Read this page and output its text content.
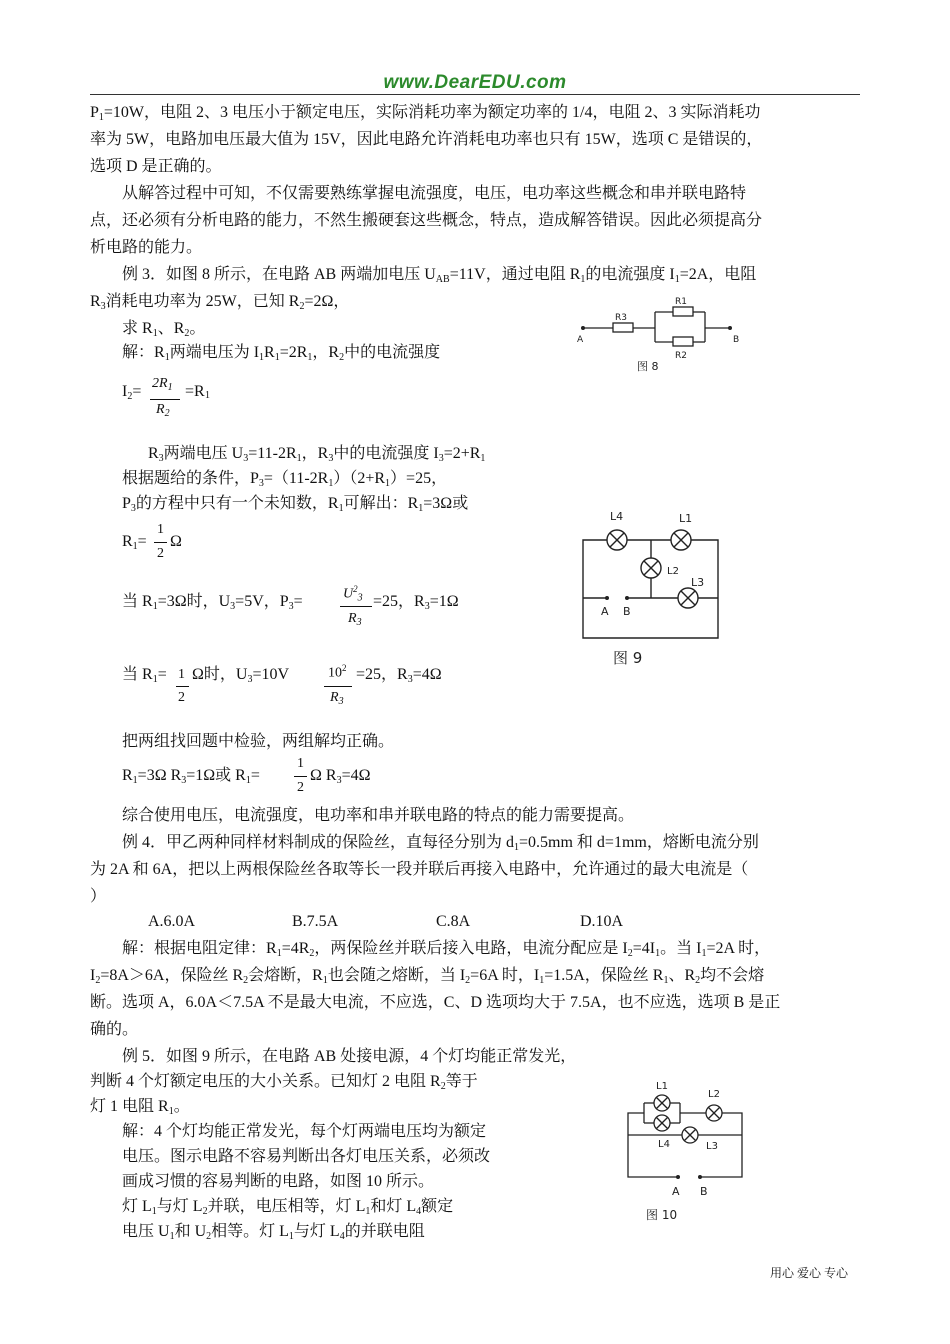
www.DearEDU.com
$P_1=10W$，电阻 2、3 电压小于额定电压，实际消耗功率为额定功率的 1/4，电阻 2、3 实际消耗功
率为 5W，电路加电压最大值为 15V，因此电路允许消耗电功率也只有 15W，选项 C 是错误的，
选项 D 是正确的。
从解答过程中可知，不仅需要熟练掌握电流强度，电压，电功率这些概念和串并联电路特
点，还必须有分析电路的能力，不然生搬硬套这些概念，特点，造成解答错误。因此必须提高分
析电路的能力。
例 3．如图 8 所示，在电路 AB 两端加电压 $U_{AB}=11V$，通过电阻 $R_1$的电流强度 $I_1=2A$，电阻
$R_3$消耗电功率为 25W，已知 $R_2=2\Omega$，
求 $R_1$、$R_2$。
解：$R_1$两端电压为 $I_1R_1=2R_1$，$R_2$中的电流强度
$I_2= 2R_1$
$R_2$
=R 1
$R_3$两端电压 $U_3=11-2R_1$，$R_3$中的电流强度 $I_3=2+R_1$
根据题给的条件，$P_3=(11-2R_1)(2+R_1)=25$，
$P_3$的方程中只有一个未知数，$R_1$可解出：$R_1=3\Omega$或
$R_1=$
1
2
Ω
当 $R_1=3\Omega$时，$U_3=5V$，$P_3=$	$U^2_3$
$R_3$
=25，$R_3=1\Omega$
当 $R_1= 1$
2
Ω时，$U_3=10V$	$10^2$
$R_3$
=25，$R_3=4\Omega$
把两组找回题中检验，两组解均正确。
$R_1=3\Omega$ $R_3=1\Omega$或 $R_1=$
1
2
Ω $R_3=4\Omega$
综合使用电压，电流强度，电功率和串并联电路的特点的能力需要提高。
例 4．甲乙两种同样材料制成的保险丝，直每径分别为 $d_1=0.5mm$ 和 d=1mm，熔断电流分别
为 2A 和 6A，把以上两根保险丝各取等长一段并联后再接入电路中，允许通过的最大电流是（
）
A.6.0A	B.7.5A	C.8A	D.10A
解：根据电阻定律：$R_1=4R_2$，两保险丝并联后接入电路，电流分配应是 $I_2=4I_1$。当 $I_1=2A$ 时，
$I_2=8A>6A$，保险丝 $R_2$会熔断，$R_1$也会随之熔断，当 $I_2=6A$ 时，$I_1=1.5A$，保险丝 $R_1$、$R_2$均不会熔
断。选项 A，6.0A＜7.5A 不是最大电流，不应选，C、D 选项均大于 7.5A，也不应选，选项 B 是正
确的。
例 5．如图 9 所示，在电路 AB 处接电源，4 个灯均能正常发光，
判断 4 个灯额定电压的大小关系。已知灯 2 电阻 $R_2$等于
灯 1 电阻 $R_1$。
解：4 个灯均能正常发光，每个灯两端电压均为额定
电压。图示电路不容易判断出各灯电压关系，必须改
画成习惯的容易判断的电路，如图 10 所示。
灯 $L_1$与灯 $L_2$并联，电压相等，灯 $L_1$和灯 $L_4$额定
电压 $U_1$和 $U_2$相等。灯 $L_1$与灯 $L_4$的并联电阻
A	B
R3
R1
R2
图 8
L4	L1
L2
L3
A B
图 9
L1
L2
L4	L3
A B
图 10
用心 爱心 专心
